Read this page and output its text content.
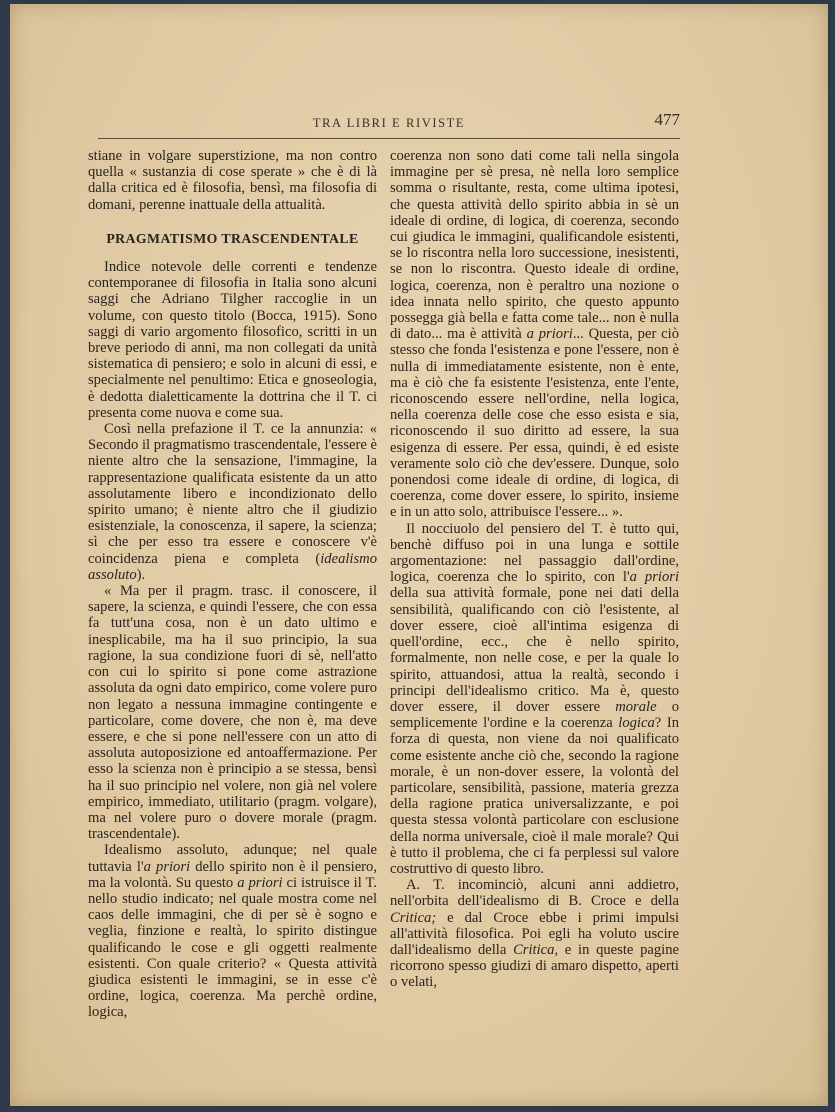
TRA LIBRI E RIVISTE	477

stiane in volgare superstizione, ma non contro quella « sustanzia di cose sperate » che è di là dalla critica ed è filosofia, bensì, ma filosofia di domani, perenne inattuale della attualità.

PRAGMATISMO TRASCENDENTALE

Indice notevole delle correnti e tendenze contemporanee di filosofia in Italia sono alcuni saggi che Adriano Tilgher raccoglie in un volume, con questo titolo (Bocca, 1915). Sono saggi di vario argomento filosofico, scritti in un breve periodo di anni, ma non collegati da unità sistematica di pensiero; e solo in alcuni di essi, e specialmente nel penultimo: Etica e gnoseologia, è dedotta dialetticamente la dottrina che il T. ci presenta come nuova e come sua.

Così nella prefazione il T. ce la annunzia: « Secondo il pragmatismo trascendentale, l'essere è niente altro che la sensazione, l'immagine, la rappresentazione qualificata esistente da un atto assolutamente libero e incondizionato dello spirito umano; è niente altro che il giudizio esistenziale, la conoscenza, il sapere, la scienza; sì che per esso tra essere e conoscere v'è coincidenza piena e completa (idealismo assoluto).

« Ma per il pragm. trasc. il conoscere, il sapere, la scienza, e quindi l'essere, che con essa fa tutt'una cosa, non è un dato ultimo e inesplicabile, ma ha il suo principio, la sua ragione, la sua condizione fuori di sè, nell'atto con cui lo spirito si pone come astrazione assoluta da ogni dato empirico, come volere puro non legato a nessuna immagine contingente e particolare, come dovere, che non è, ma deve essere, e che si pone nell'essere con un atto di assoluta autoposizione ed antoaffermazione. Per esso la scienza non è principio a se stessa, bensì ha il suo principio nel volere, non già nel volere empirico, immediato, utilitario (pragm. volgare), ma nel volere puro o dovere morale (pragm. trascendentale).

Idealismo assoluto, adunque; nel quale tuttavia l'a priori dello spirito non è il pensiero, ma la volontà. Su questo a priori ci istruisce il T. nello studio indicato; nel quale mostra come nel caos delle immagini, che di per sè è sogno e veglia, finzione e realtà, lo spirito distingue qualificando le cose e gli oggetti realmente esistenti. Con quale criterio? « Questa attività giudica esistenti le immagini, se in esse c'è ordine, logica, coerenza. Ma perchè ordine, logica,

coerenza non sono dati come tali nella singola immagine per sè presa, nè nella loro semplice somma o risultante, resta, come ultima ipotesi, che questa attività dello spirito abbia in sè un ideale di ordine, di logica, di coerenza, secondo cui giudica le immagini, qualificandole esistenti, se lo riscontra nella loro successione, inesistenti, se non lo riscontra. Questo ideale di ordine, logica, coerenza, non è peraltro una nozione o idea innata nello spirito, che questo appunto possegga già bella e fatta come tale... non è nulla di dato... ma è attività a priori... Questa, per ciò stesso che fonda l'esistenza e pone l'essere, non è nulla di immediatamente esistente, non è ente, ma è ciò che fa esistente l'esistenza, ente l'ente, riconoscendo essere nell'ordine, nella logica, nella coerenza delle cose che esso esista e sia, riconoscendo il suo diritto ad essere, la sua esigenza di essere. Per essa, quindi, è ed esiste veramente solo ciò che dev'essere. Dunque, solo ponendosi come ideale di ordine, di logica, di coerenza, come dover essere, lo spirito, insieme e in un atto solo, attribuisce l'essere... ».

Il nocciuolo del pensiero del T. è tutto qui, benchè diffuso poi in una lunga e sottile argomentazione: nel passaggio dall'ordine, logica, coerenza che lo spirito, con l'a priori della sua attività formale, pone nei dati della sensibilità, qualificando con ciò l'esistente, al dover essere, cioè all'intima esigenza di quell'ordine, ecc., che è nello spirito, formalmente, non nelle cose, e per la quale lo spirito, attuandosi, attua la realtà, secondo i principi dell'idealismo critico. Ma è, questo dover essere, il dover essere morale o semplicemente l'ordine e la coerenza logica? In forza di questa, non viene da noi qualificato come esistente anche ciò che, secondo la ragione morale, è un non-dover essere, la volontà del particolare, sensibilità, passione, materia grezza della ragione pratica universalizzante, e poi questa stessa volontà particolare con esclusione della norma universale, cioè il male morale? Qui è tutto il problema, che ci fa perplessi sul valore costruttivo di questo libro.

A. T. incominciò, alcuni anni addietro, nell'orbita dell'idealismo di B. Croce e della Critica; e dal Croce ebbe i primi impulsi all'attività filosofica. Poi egli ha voluto uscire dall'idealismo della Critica, e in queste pagine ricorrono spesso giudizi di amaro dispetto, aperti o velati,
